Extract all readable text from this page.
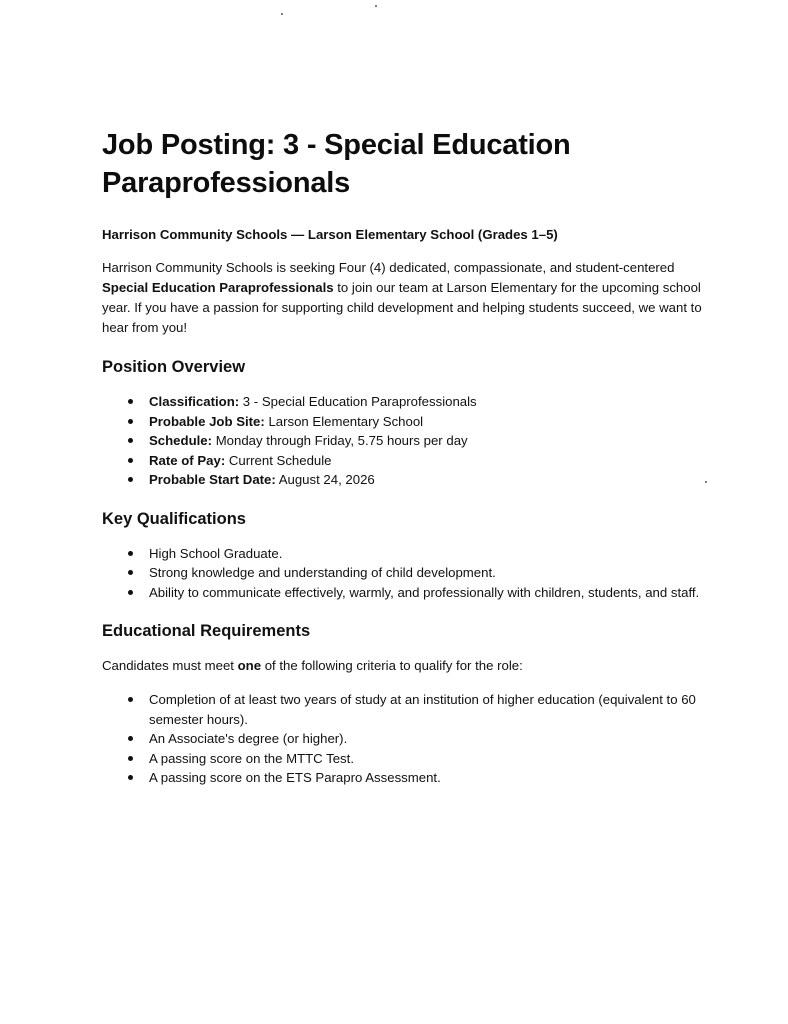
Job Posting: 3 - Special Education Paraprofessionals

Harrison Community Schools — Larson Elementary School (Grades 1–5)

Harrison Community Schools is seeking Four (4) dedicated, compassionate, and student-centered Special Education Paraprofessionals to join our team at Larson Elementary for the upcoming school year. If you have a passion for supporting child development and helping students succeed, we want to hear from you!

Position Overview
Classification: 3 - Special Education Paraprofessionals
Probable Job Site: Larson Elementary School
Schedule: Monday through Friday, 5.75 hours per day
Rate of Pay: Current Schedule
Probable Start Date: August 24, 2026
Key Qualifications
High School Graduate.
Strong knowledge and understanding of child development.
Ability to communicate effectively, warmly, and professionally with children, students, and staff.
Educational Requirements

Candidates must meet one of the following criteria to qualify for the role:

Completion of at least two years of study at an institution of higher education (equivalent to 60 semester hours).
An Associate's degree (or higher).
A passing score on the MTTC Test.
A passing score on the ETS Parapro Assessment.
